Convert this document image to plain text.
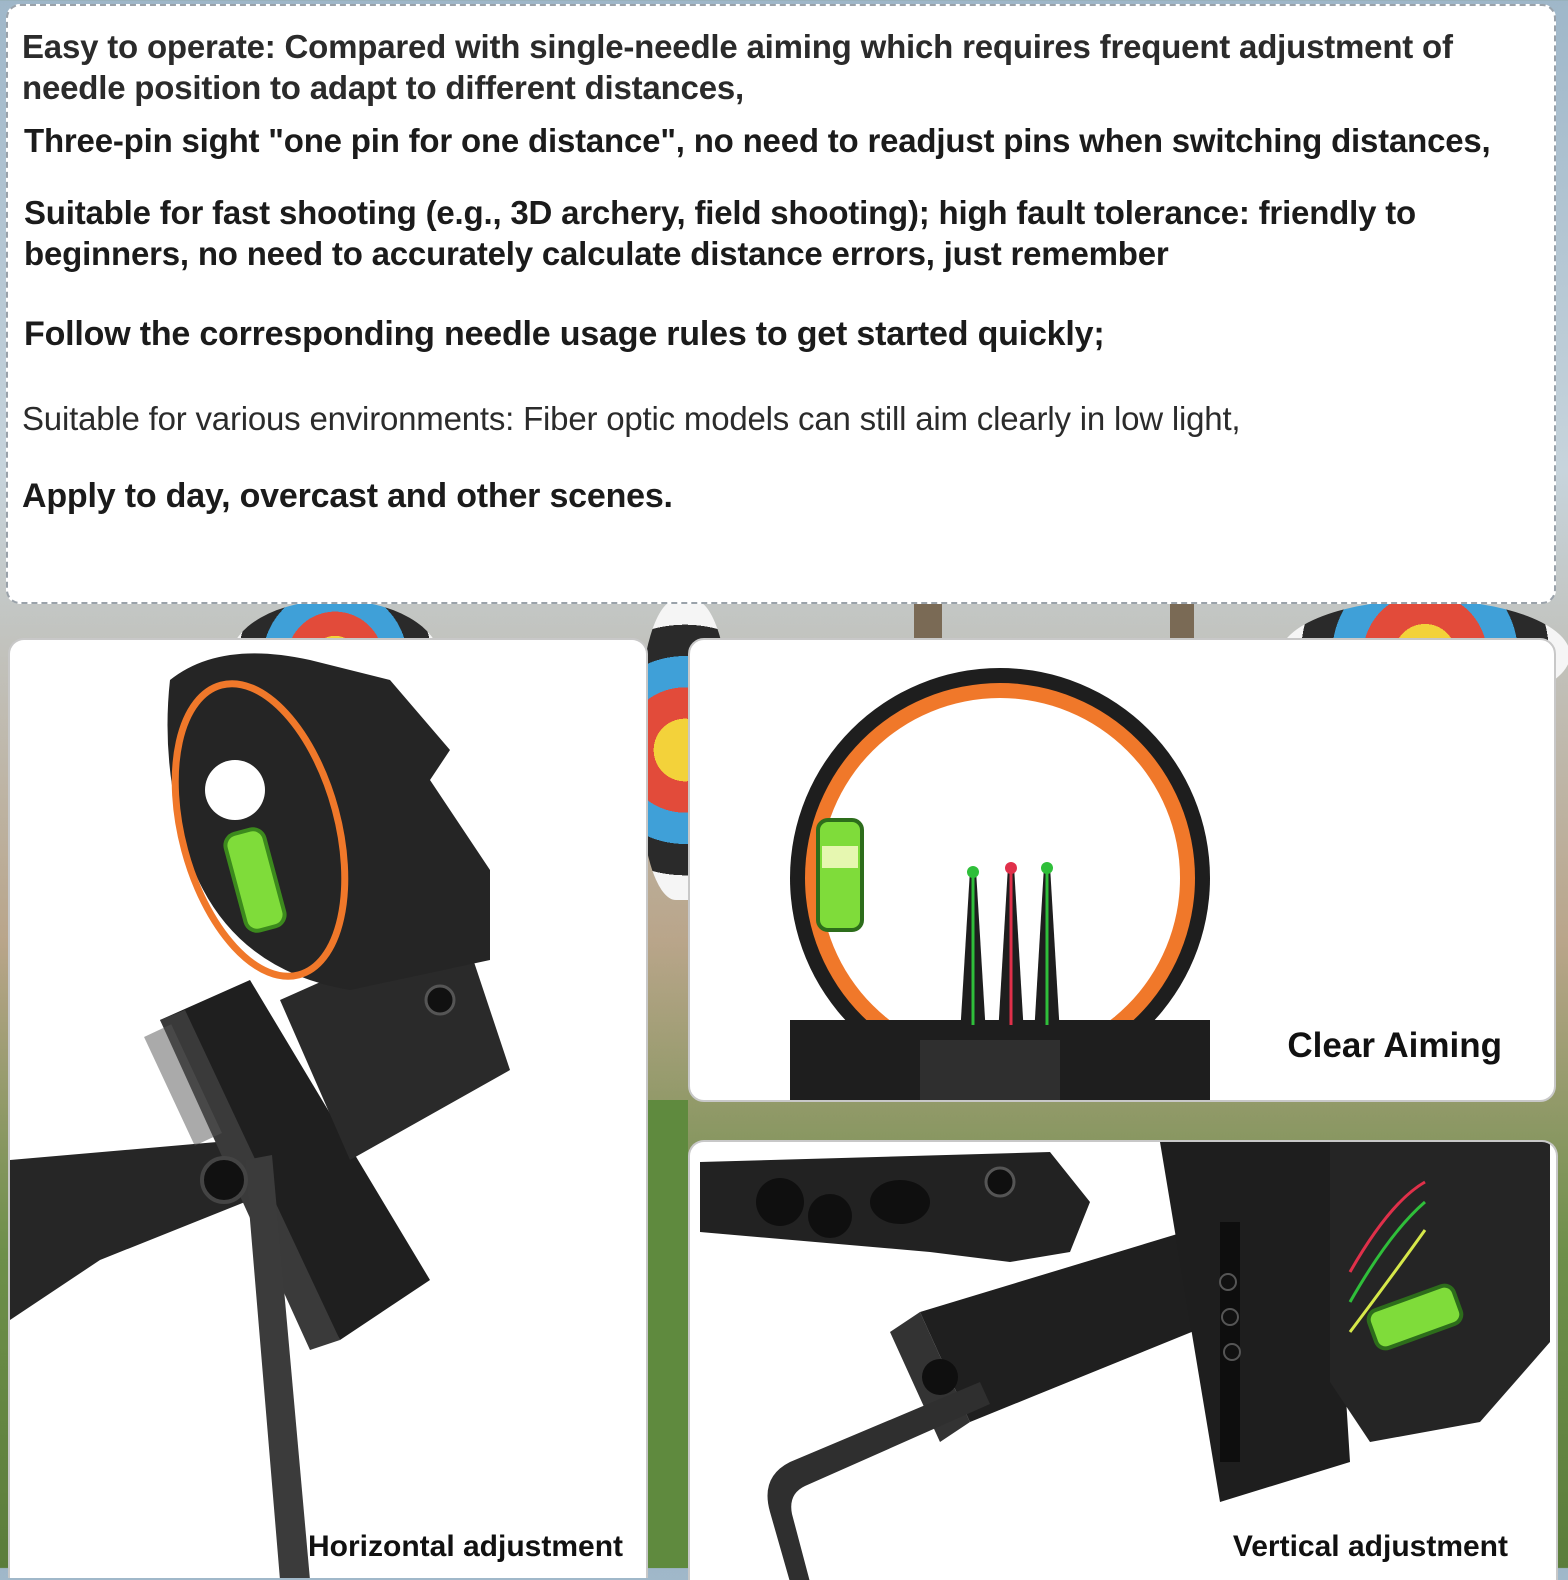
Easy to operate: Compared with single-needle aiming which requires frequent adjustment of needle position to adapt to different distances,

Three-pin sight "one pin for one distance", no need to readjust pins when switching distances,

Suitable for fast shooting (e.g., 3D archery, field shooting); high fault tolerance: friendly to beginners, no need to accurately calculate distance errors, just remember

Follow the corresponding needle usage rules to get started quickly;

Suitable for various environments: Fiber optic models can still aim clearly in low light,

Apply to day, overcast and other scenes.

Horizontal adjustment

Clear Aiming

Vertical adjustment
